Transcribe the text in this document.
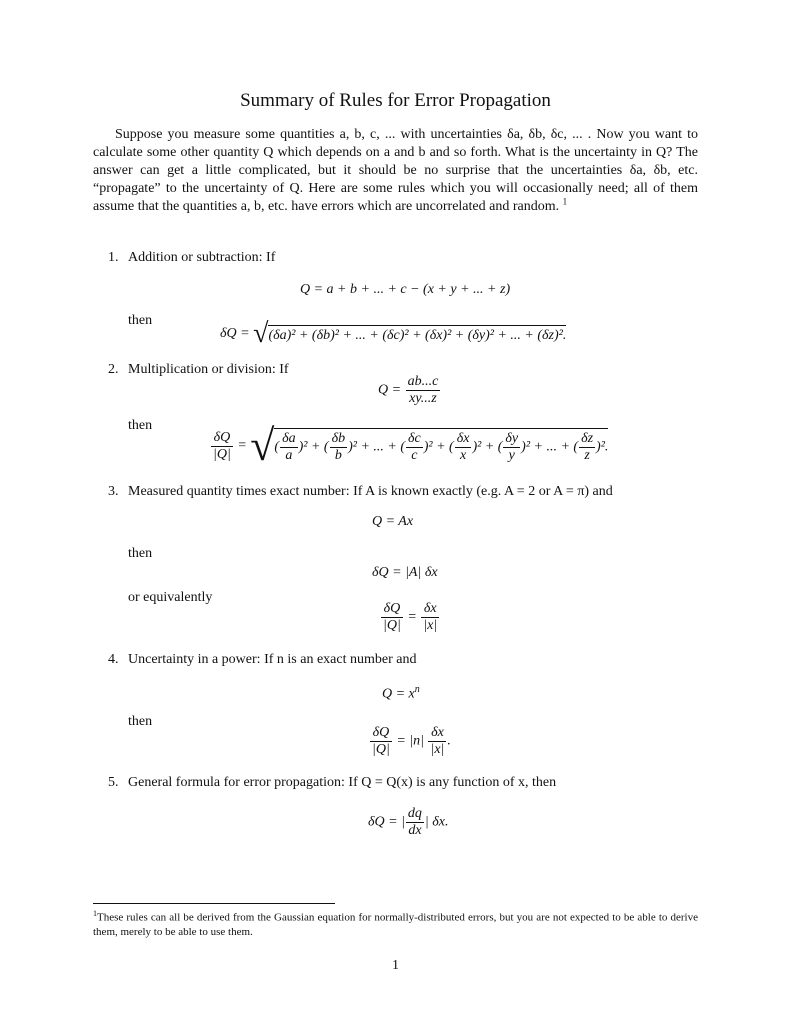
Summary of Rules for Error Propagation
Suppose you measure some quantities a, b, c, ... with uncertainties δa, δb, δc, ... . Now you want to calculate some other quantity Q which depends on a and b and so forth. What is the uncertainty in Q? The answer can get a little complicated, but it should be no surprise that the uncertainties δa, δb, etc. “propagate” to the uncertainty of Q. Here are some rules which you will occasionally need; all of them assume that the quantities a, b, etc. have errors which are uncorrelated and random. $^1$
1. Addition or subtraction: If
Q = a + b + ... + c − (x + y + ... + z)
then
δQ = √(δa)² + (δb)² + ... + (δc)² + (δx)² + (δy)² + ... + (δz)².
2. Multiplication or division: If
$Q = \frac{ab...c}{xy...z}$
then
$\frac{\delta Q}{|Q|}$ = √( $\frac{\delta a}{a} )^2$ + ( $\frac{\delta b}{b} )^2$ + ... + ( $\frac{\delta c}{c} )^2$ + ( $\frac{\delta x}{x} )^2$ + ( $\frac{\delta y}{y} )^2$ + ... + ( $\frac{\delta z}{z} )^2$.
3. Measured quantity times exact number: If A is known exactly (e.g. A = 2 or A = π) and
Q = Ax
then
δQ = |A| δx
or equivalently
$\frac{\delta Q}{|Q|} = \frac{\delta x}{|x|}$
4. Uncertainty in a power: If n is an exact number and
$Q = x^n$
then
$\frac{\delta Q}{|Q|} = |n| \frac{\delta x}{|x|}$ .
5. General formula for error propagation: If Q = Q(x) is any function of x, then
δQ = | $\frac{dq}{dx}$ | δx.
$^1$These rules can all be derived from the Gaussian equation for normally-distributed errors, but you are not expected to be able to derive them, merely to be able to use them.
1
